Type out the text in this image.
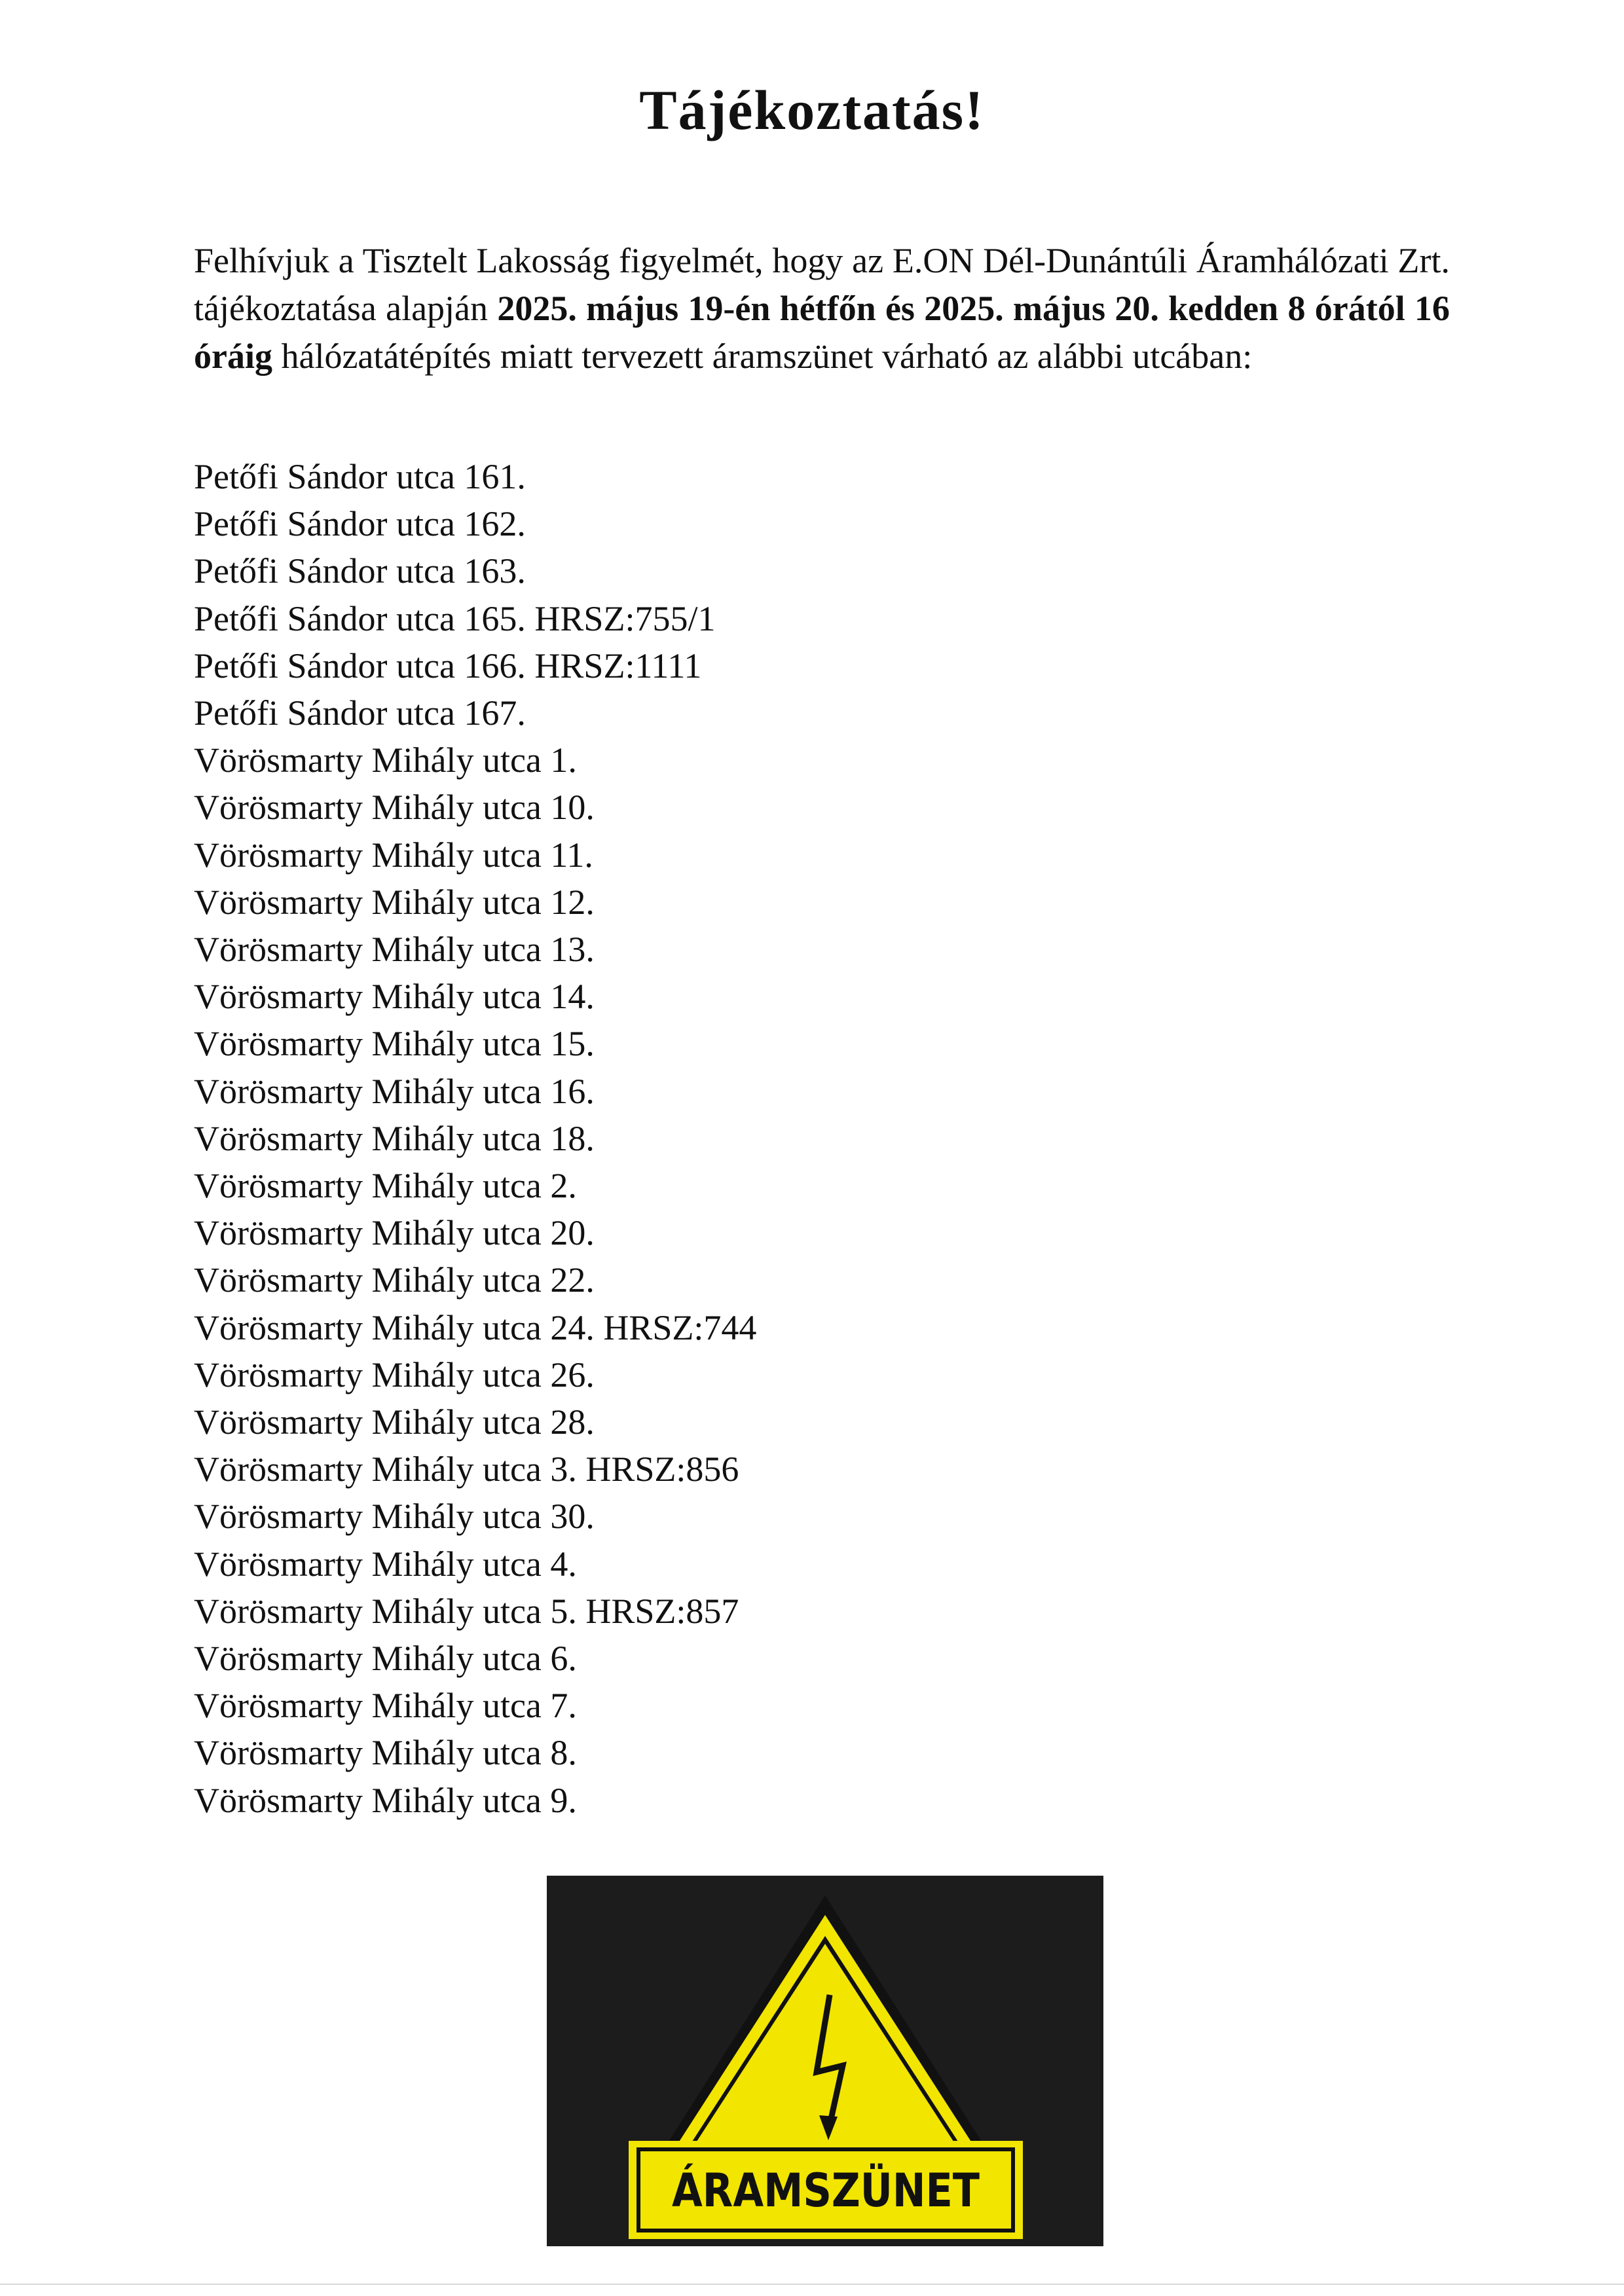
Tájékoztatás!

Felhívjuk a Tisztelt Lakosság figyelmét, hogy az E.ON Dél-Dunántúli Áramhálózati Zrt. tájékoztatása alapján 2025. május 19-én hétfőn és 2025. május 20. kedden 8 órától 16 óráig hálózatátépítés miatt tervezett áramszünet várható az alábbi utcában:

Petőfi Sándor utca 161.
Petőfi Sándor utca 162.
Petőfi Sándor utca 163.
Petőfi Sándor utca 165. HRSZ:755/1
Petőfi Sándor utca 166. HRSZ:1111
Petőfi Sándor utca 167.
Vörösmarty Mihály utca 1.
Vörösmarty Mihály utca 10.
Vörösmarty Mihály utca 11.
Vörösmarty Mihály utca 12.
Vörösmarty Mihály utca 13.
Vörösmarty Mihály utca 14.
Vörösmarty Mihály utca 15.
Vörösmarty Mihály utca 16.
Vörösmarty Mihály utca 18.
Vörösmarty Mihály utca 2.
Vörösmarty Mihály utca 20.
Vörösmarty Mihály utca 22.
Vörösmarty Mihály utca 24. HRSZ:744
Vörösmarty Mihály utca 26.
Vörösmarty Mihály utca 28.
Vörösmarty Mihály utca 3. HRSZ:856
Vörösmarty Mihály utca 30.
Vörösmarty Mihály utca 4.
Vörösmarty Mihály utca 5. HRSZ:857
Vörösmarty Mihály utca 6.
Vörösmarty Mihály utca 7.
Vörösmarty Mihály utca 8.
Vörösmarty Mihály utca 9.
ÁRAMSZÜNET
